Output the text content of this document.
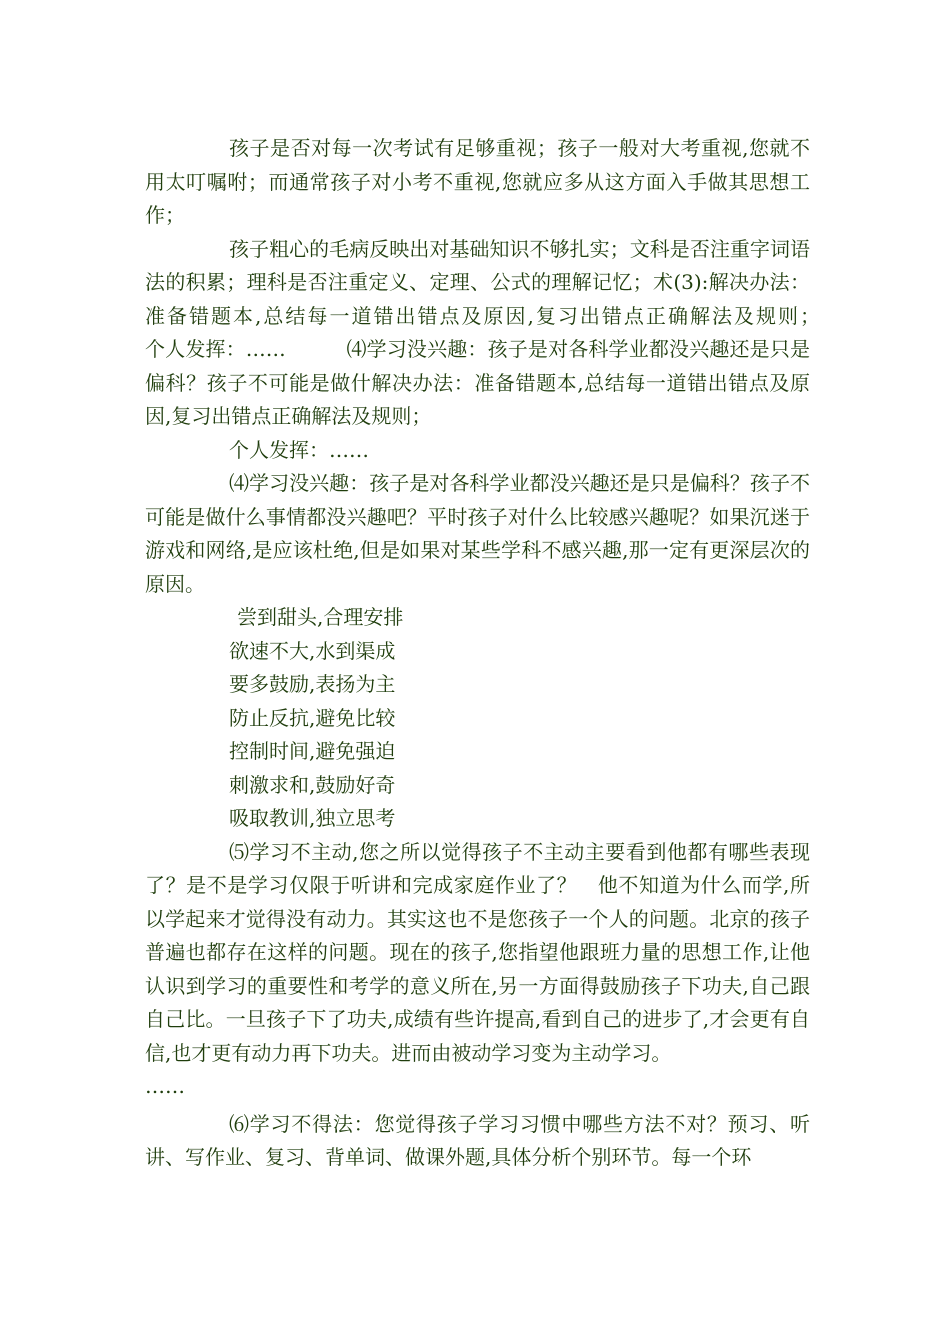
孩子是否对每一次考试有足够重视；孩子一般对大考重视,您就不用太叮嘱咐；而通常孩子对小考不重视,您就应多从这方面入手做其思想工作；

孩子粗心的毛病反映出对基础知识不够扎实；文科是否注重字词语法的积累；理科是否注重定义、定理、公式的理解记忆；术(3):解决办法：准备错题本,总结每一道错出错点及原因,复习出错点正确解法及规则；　　　个人发挥：……　　　⑷学习没兴趣：孩子是对各科学业都没兴趣还是只是偏科？孩子不可能是做什解决办法：准备错题本,总结每一道错出错点及原因,复习出错点正确解法及规则；

个人发挥：……

⑷学习没兴趣：孩子是对各科学业都没兴趣还是只是偏科？孩子不可能是做什么事情都没兴趣吧？平时孩子对什么比较感兴趣呢？如果沉迷于游戏和网络,是应该杜绝,但是如果对某些学科不感兴趣,那一定有更深层次的原因。

尝到甜头,合理安排
欲速不大,水到渠成
要多鼓励,表扬为主
防止反抗,避免比较
控制时间,避免强迫
刺激求和,鼓励好奇
吸取教训,独立思考

⑸学习不主动,您之所以觉得孩子不主动主要看到他都有哪些表现了？是不是学习仅限于听讲和完成家庭作业了？　他不知道为什么而学,所以学起来才觉得没有动力。其实这也不是您孩子一个人的问题。北京的孩子普遍也都存在这样的问题。现在的孩子,您指望他跟班力量的思想工作,让他认识到学习的重要性和考学的意义所在,另一方面得鼓励孩子下功夫,自己跟自己比。一旦孩子下了功夫,成绩有些许提高,看到自己的进步了,才会更有自信,也才更有动力再下功夫。进而由被动学习变为主动学习。

……

⑹学习不得法：您觉得孩子学习习惯中哪些方法不对？预习、听讲、写作业、复习、背单词、做课外题,具体分析个别环节。每一个环
